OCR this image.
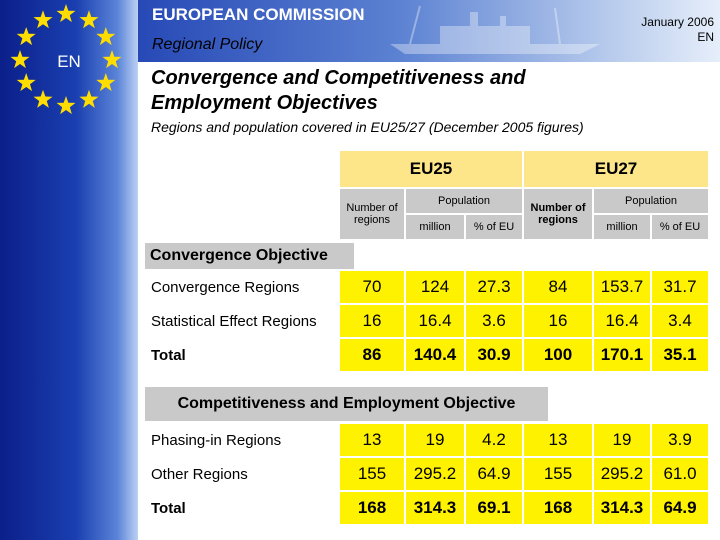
EN
EUROPEAN COMMISSION
Regional Policy
January 2006
EN
Convergence and Competitiveness and
Employment Objectives
Regions and population covered in EU25/27 (December 2005 figures)
EU25	EU27
Number of regions
Population
million	% of EU
Number of regions
Population
million	% of EU
Convergence Objective
Convergence Regions	70	124	27.3	84	153.7	31.7
Statistical Effect Regions	16	16.4	3.6	16	16.4	3.4
Total	86	140.4	30.9	100	170.1	35.1
Competitiveness and Employment Objective
Phasing-in Regions	13	19	4.2	13	19	3.9
Other Regions	155	295.2	64.9	155	295.2	61.0
Total	168	314.3	69.1	168	314.3	64.9
